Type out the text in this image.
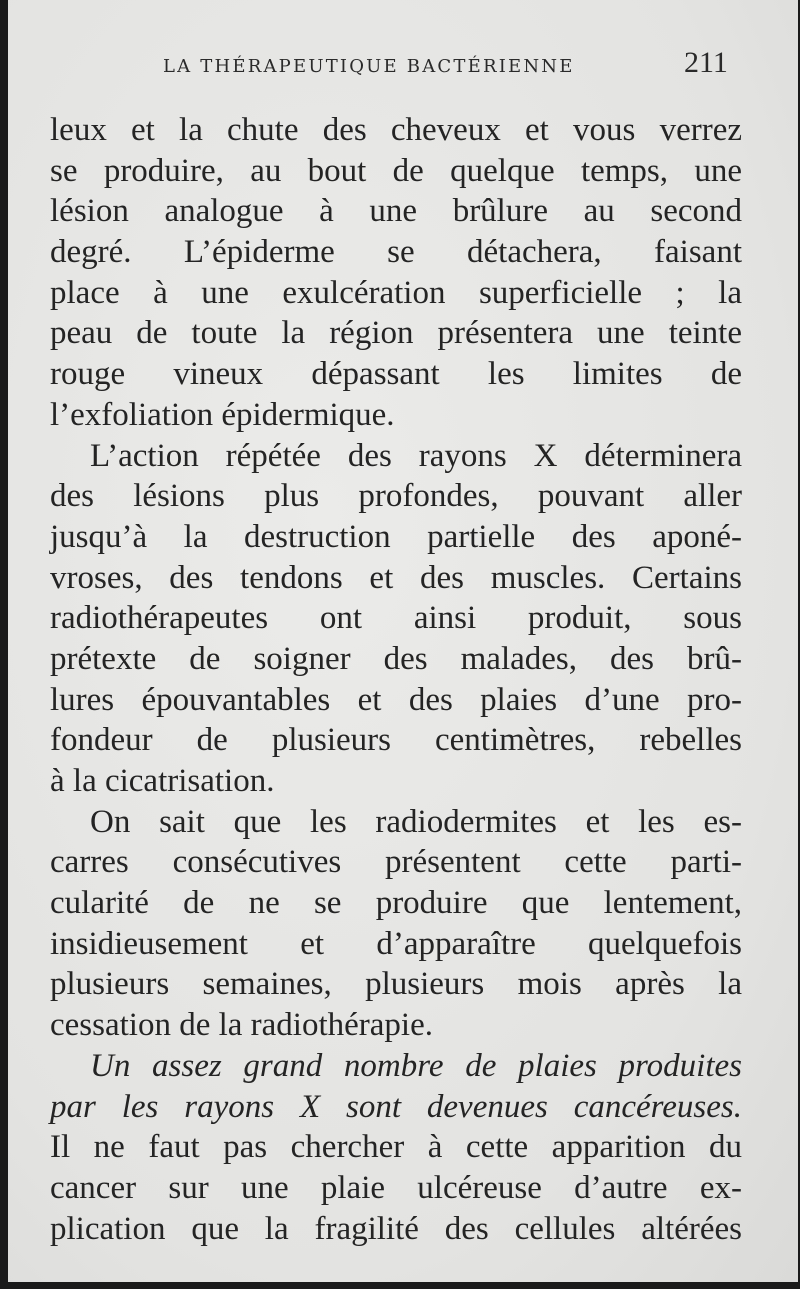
LA THÉRAPEUTIQUE BACTÉRIENNE	211
leux et la chute des cheveux et vous verrez
se produire, au bout de quelque temps, une
lésion analogue à une brûlure au second
degré. L’épiderme se détachera, faisant
place à une exulcération superficielle ; la
peau de toute la région présentera une teinte
rouge vineux dépassant les limites de
l’exfoliation épidermique.
L’action répétée des rayons X déterminera
des lésions plus profondes, pouvant aller
jusqu’à la destruction partielle des aponé-
vroses, des tendons et des muscles. Certains
radiothérapeutes ont ainsi produit, sous
prétexte de soigner des malades, des brû-
lures épouvantables et des plaies d’une pro-
fondeur de plusieurs centimètres, rebelles
à la cicatrisation.
On sait que les radiodermites et les es-
carres consécutives présentent cette parti-
cularité de ne se produire que lentement,
insidieusement et d’apparaître quelquefois
plusieurs semaines, plusieurs mois après la
cessation de la radiothérapie.
Un assez grand nombre de plaies produites
par les rayons X sont devenues cancéreuses.
Il ne faut pas chercher à cette apparition du
cancer sur une plaie ulcéreuse d’autre ex-
plication que la fragilité des cellules altérées
